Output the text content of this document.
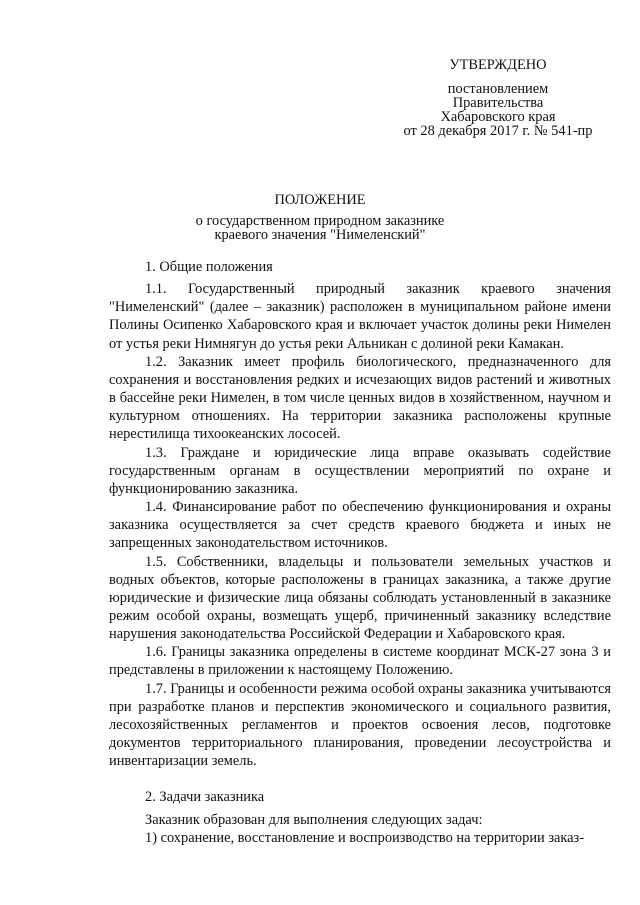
УТВЕРЖДЕНО
постановлением
Правительства
Хабаровского края
от 28 декабря 2017 г. № 541-пр
ПОЛОЖЕНИЕ
о государственном природном заказнике
краевого значения "Нимеленский"
1. Общие положения

1.1. Государственный природный заказник краевого значения "Нимеленский" (далее – заказник) расположен в муниципальном районе имени Полины Осипенко Хабаровского края и включает участок долины реки Нимелен от устья реки Нимнягун до устья реки Альникан с долиной реки Камакан.

1.2. Заказник имеет профиль биологического, предназначенного для сохранения и восстановления редких и исчезающих видов растений и животных в бассейне реки Нимелен, в том числе ценных видов в хозяйственном, научном и культурном отношениях. На территории заказника расположены крупные нерестилища тихоокеанских лососей.

1.3. Граждане и юридические лица вправе оказывать содействие государственным органам в осуществлении мероприятий по охране и функционированию заказника.

1.4. Финансирование работ по обеспечению функционирования и охраны заказника осуществляется за счет средств краевого бюджета и иных не запрещенных законодательством источников.

1.5. Собственники, владельцы и пользователи земельных участков и водных объектов, которые расположены в границах заказника, а также другие юридические и физические лица обязаны соблюдать установленный в заказнике режим особой охраны, возмещать ущерб, причиненный заказнику вследствие нарушения законодательства Российской Федерации и Хабаровского края.

1.6. Границы заказника определены в системе координат МСК-27 зона 3 и представлены в приложении к настоящему Положению.

1.7. Границы и особенности режима особой охраны заказника учитываются при разработке планов и перспектив экономического и социального развития, лесохозяйственных регламентов и проектов освоения лесов, подготовке документов территориального планирования, проведении лесоустройства и инвентаризации земель.

2. Задачи заказника

Заказник образован для выполнения следующих задач:

1) сохранение, восстановление и воспроизводство на территории заказ-
